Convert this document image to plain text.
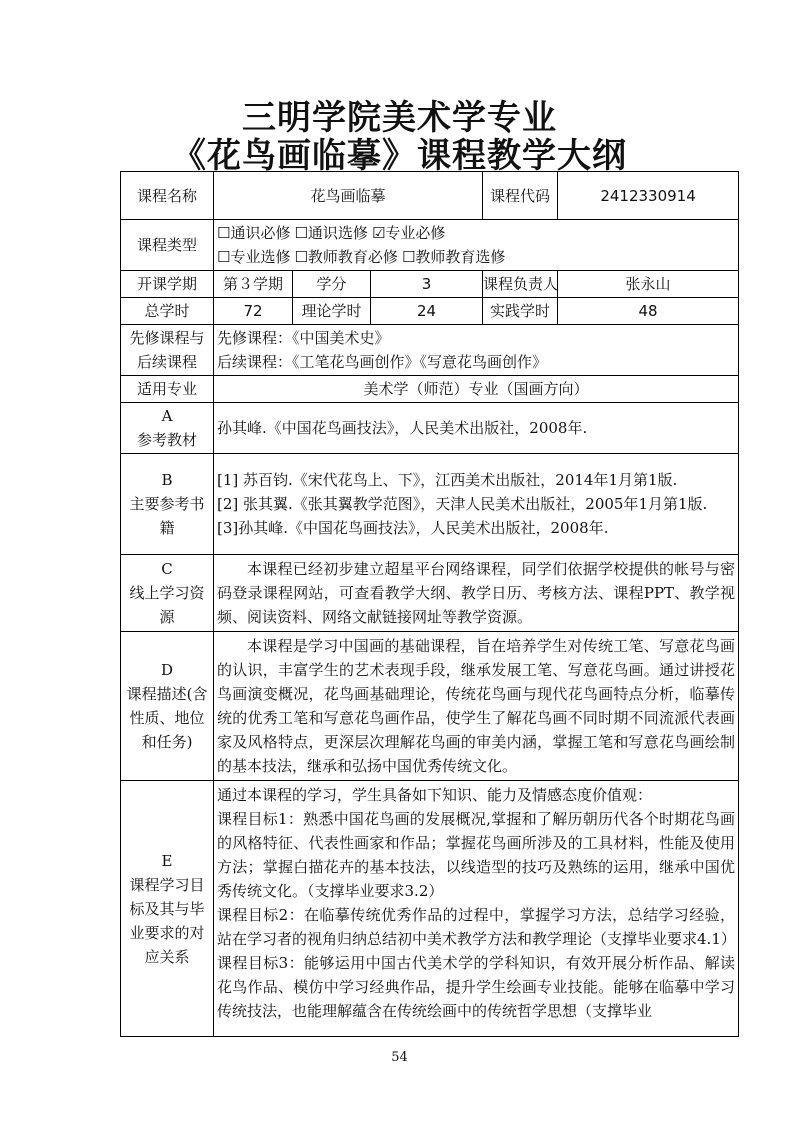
三明学院美术学专业
《花鸟画临摹》课程教学大纲
课程名称	花鸟画临摹			课程代码	2412330914
课程类型	☐通识必修 ☐通识选修 ☑专业必修
☐专业选修 ☐教师教育必修 ☐教师教育选修				
开课学期	第３学期	学分	3	课程负责人	张永山
总学时	72	理论学时	24	实践学时	48
先修课程与后续课程	先修课程：《中国美术史》
后续课程：《工笔花鸟画创作》《写意花鸟画创作》				

适用专业	美术学（师范）专业（国画方向）				

A
参考教材	孙其峰.《中国花鸟画技法》，人民美术出版社，2008年.				

B
主要参考书籍	[1] 苏百钧.《宋代花鸟上、下》，江西美术出版社，2014年1月第1版.
[2] 张其翼.《张其翼教学范图》，天津人民美术出版社，2005年1月第1版.
[3]孙其峰.《中国花鸟画技法》，人民美术出版社，2008年.				

C
线上学习资源	本课程已经初步建立超星平台网络课程，同学们依据学校提供的帐号与密码登录课程网站，可查看教学大纲、教学日历、考核方法、课程PPT、教学视频、阅读资料、网络文献链接网址等教学资源。				

D
课程描述(含性质、地位和任务)	本课程是学习中国画的基础课程，旨在培养学生对传统工笔、写意花鸟画的认识，丰富学生的艺术表现手段，继承发展工笔、写意花鸟画。通过讲授花鸟画演变概况，花鸟画基础理论，传统花鸟画与现代花鸟画特点分析，临摹传统的优秀工笔和写意花鸟画作品，使学生了解花鸟画不同时期不同流派代表画家及风格特点，更深层次理解花鸟画的审美内涵，掌握工笔和写意花鸟画绘制的基本技法，继承和弘扬中国优秀传统文化。				

E
课程学习目标及其与毕业要求的对应关系	通过本课程的学习，学生具备如下知识、能力及情感态度价值观：
课程目标1：熟悉中国花鸟画的发展概况,掌握和了解历朝历代各个时期花鸟画的风格特征、代表性画家和作品；掌握花鸟画所涉及的工具材料，性能及使用方法；掌握白描花卉的基本技法，以线造型的技巧及熟练的运用，继承中国优秀传统文化。（支撑毕业要求3.2）
课程目标2：在临摹传统优秀作品的过程中，掌握学习方法，总结学习经验，站在学习者的视角归纳总结初中美术教学方法和教学理论（支撑毕业要求4.1）
课程目标3：能够运用中国古代美术学的学科知识，有效开展分析作品、解读花鸟作品、模仿中学习经典作品，提升学生绘画专业技能。能够在临摹中学习传统技法，也能理解蕴含在传统绘画中的传统哲学思想（支撑毕业				
54
